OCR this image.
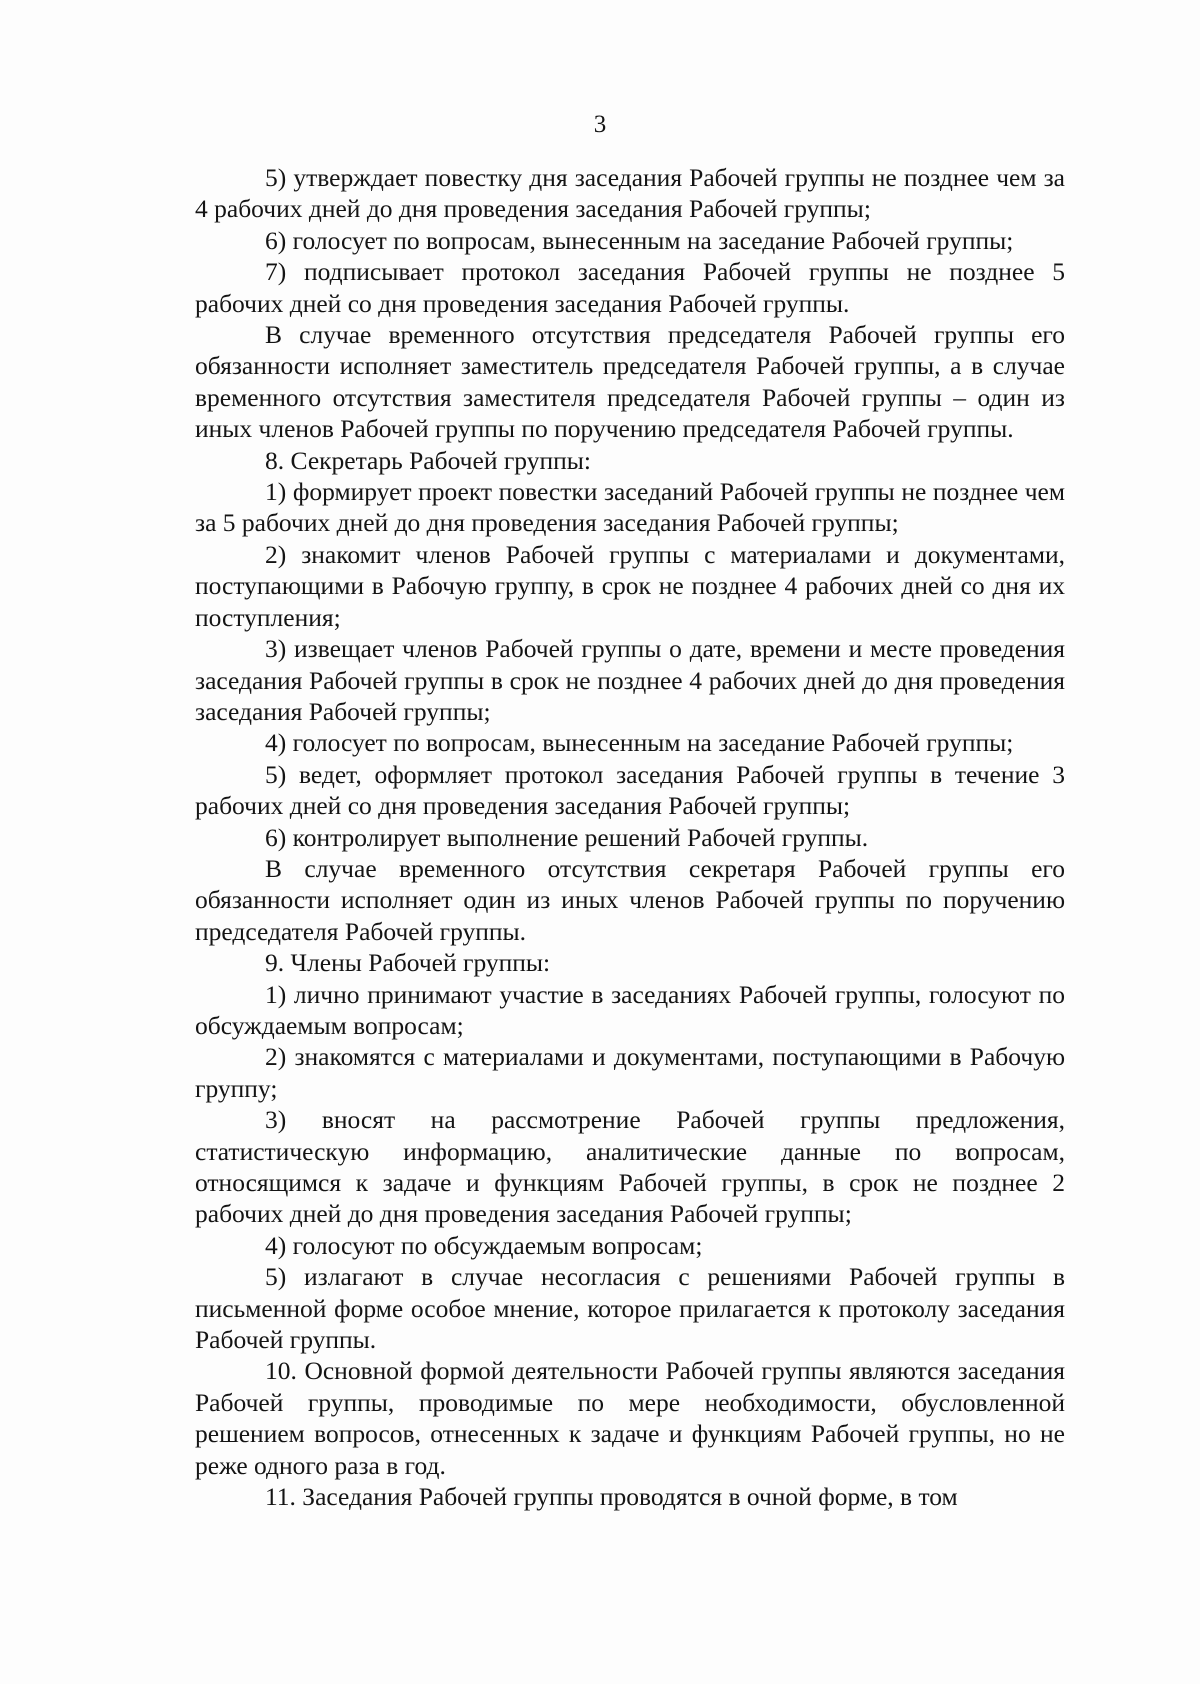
3

5) утверждает повестку дня заседания Рабочей группы не позднее чем за 4 рабочих дней до дня проведения заседания Рабочей группы;

6) голосует по вопросам, вынесенным на заседание Рабочей группы;

7) подписывает протокол заседания Рабочей группы не позднее 5 рабочих дней со дня проведения заседания Рабочей группы.

В случае временного отсутствия председателя Рабочей группы его обязанности исполняет заместитель председателя Рабочей группы, а в случае временного отсутствия заместителя председателя Рабочей группы – один из иных членов Рабочей группы по поручению председателя Рабочей группы.

8. Секретарь Рабочей группы:

1) формирует проект повестки заседаний Рабочей группы не позднее чем за 5 рабочих дней до дня проведения заседания Рабочей группы;

2) знакомит членов Рабочей группы с материалами и документами, поступающими в Рабочую группу, в срок не позднее 4 рабочих дней со дня их поступления;

3) извещает членов Рабочей группы о дате, времени и месте проведения заседания Рабочей группы в срок не позднее 4 рабочих дней до дня проведения заседания Рабочей группы;

4) голосует по вопросам, вынесенным на заседание Рабочей группы;

5) ведет, оформляет протокол заседания Рабочей группы в течение 3 рабочих дней со дня проведения заседания Рабочей группы;

6) контролирует выполнение решений Рабочей группы.

В случае временного отсутствия секретаря Рабочей группы его обязанности исполняет один из иных членов Рабочей группы по поручению председателя Рабочей группы.

9. Члены Рабочей группы:

1) лично принимают участие в заседаниях Рабочей группы, голосуют по обсуждаемым вопросам;

2) знакомятся с материалами и документами, поступающими в Рабочую группу;

3) вносят на рассмотрение Рабочей группы предложения, статистическую информацию, аналитические данные по вопросам, относящимся к задаче и функциям Рабочей группы, в срок не позднее 2 рабочих дней до дня проведения заседания Рабочей группы;

4) голосуют по обсуждаемым вопросам;

5) излагают в случае несогласия с решениями Рабочей группы в письменной форме особое мнение, которое прилагается к протоколу заседания Рабочей группы.

10. Основной формой деятельности Рабочей группы являются заседания Рабочей группы, проводимые по мере необходимости, обусловленной решением вопросов, отнесенных к задаче и функциям Рабочей группы, но не реже одного раза в год.

11. Заседания Рабочей группы проводятся в очной форме, в том
